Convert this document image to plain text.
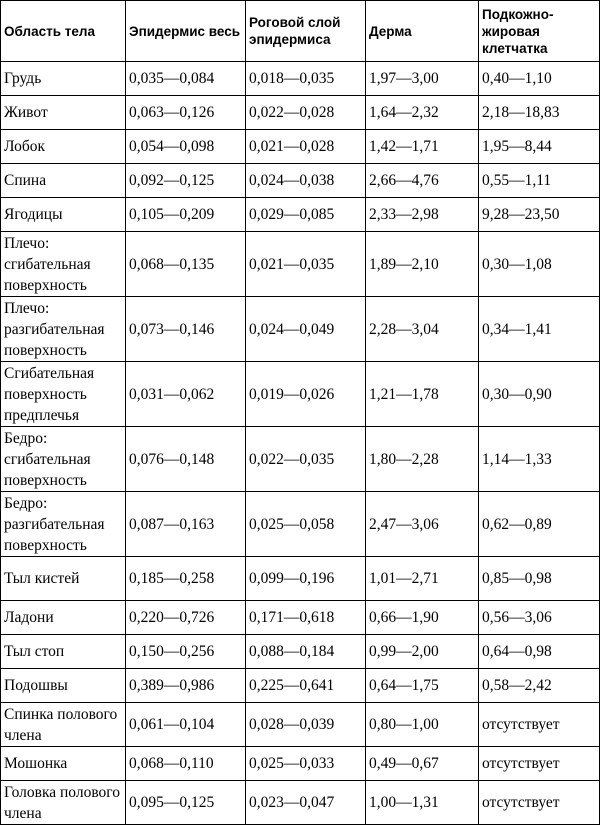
Область тела	Эпидермис весь	Роговой слой эпидермиса	Дерма	Подкожно-жировая клетчатка
Грудь	0,035—0,084	0,018—0,035	1,97—3,00	0,40—1,10
Живот	0,063—0,126	0,022—0,028	1,64—2,32	2,18—18,83
Лобок	0,054—0,098	0,021—0,028	1,42—1,71	1,95—8,44
Спина	0,092—0,125	0,024—0,038	2,66—4,76	0,55—1,11
Ягодицы	0,105—0,209	0,029—0,085	2,33—2,98	9,28—23,50
Плечо: сгибательная поверхность	0,068—0,135	0,021—0,035	1,89—2,10	0,30—1,08
Плечо: разгибательная поверхность	0,073—0,146	0,024—0,049	2,28—3,04	0,34—1,41
Сгибательная поверхность предплечья	0,031—0,062	0,019—0,026	1,21—1,78	0,30—0,90
Бедро: сгибательная поверхность	0,076—0,148	0,022—0,035	1,80—2,28	1,14—1,33
Бедро: разгибательная поверхность	0,087—0,163	0,025—0,058	2,47—3,06	0,62—0,89
Тыл кистей	0,185—0,258	0,099—0,196	1,01—2,71	0,85—0,98
Ладони	0,220—0,726	0,171—0,618	0,66—1,90	0,56—3,06
Тыл стоп	0,150—0,256	0,088—0,184	0,99—2,00	0,64—0,98
Подошвы	0,389—0,986	0,225—0,641	0,64—1,75	0,58—2,42
Спинка полового члена	0,061—0,104	0,028—0,039	0,80—1,00	отсутствует
Мошонка	0,068—0,110	0,025—0,033	0,49—0,67	отсутствует
Головка полового члена	0,095—0,125	0,023—0,047	1,00—1,31	отсутствует
